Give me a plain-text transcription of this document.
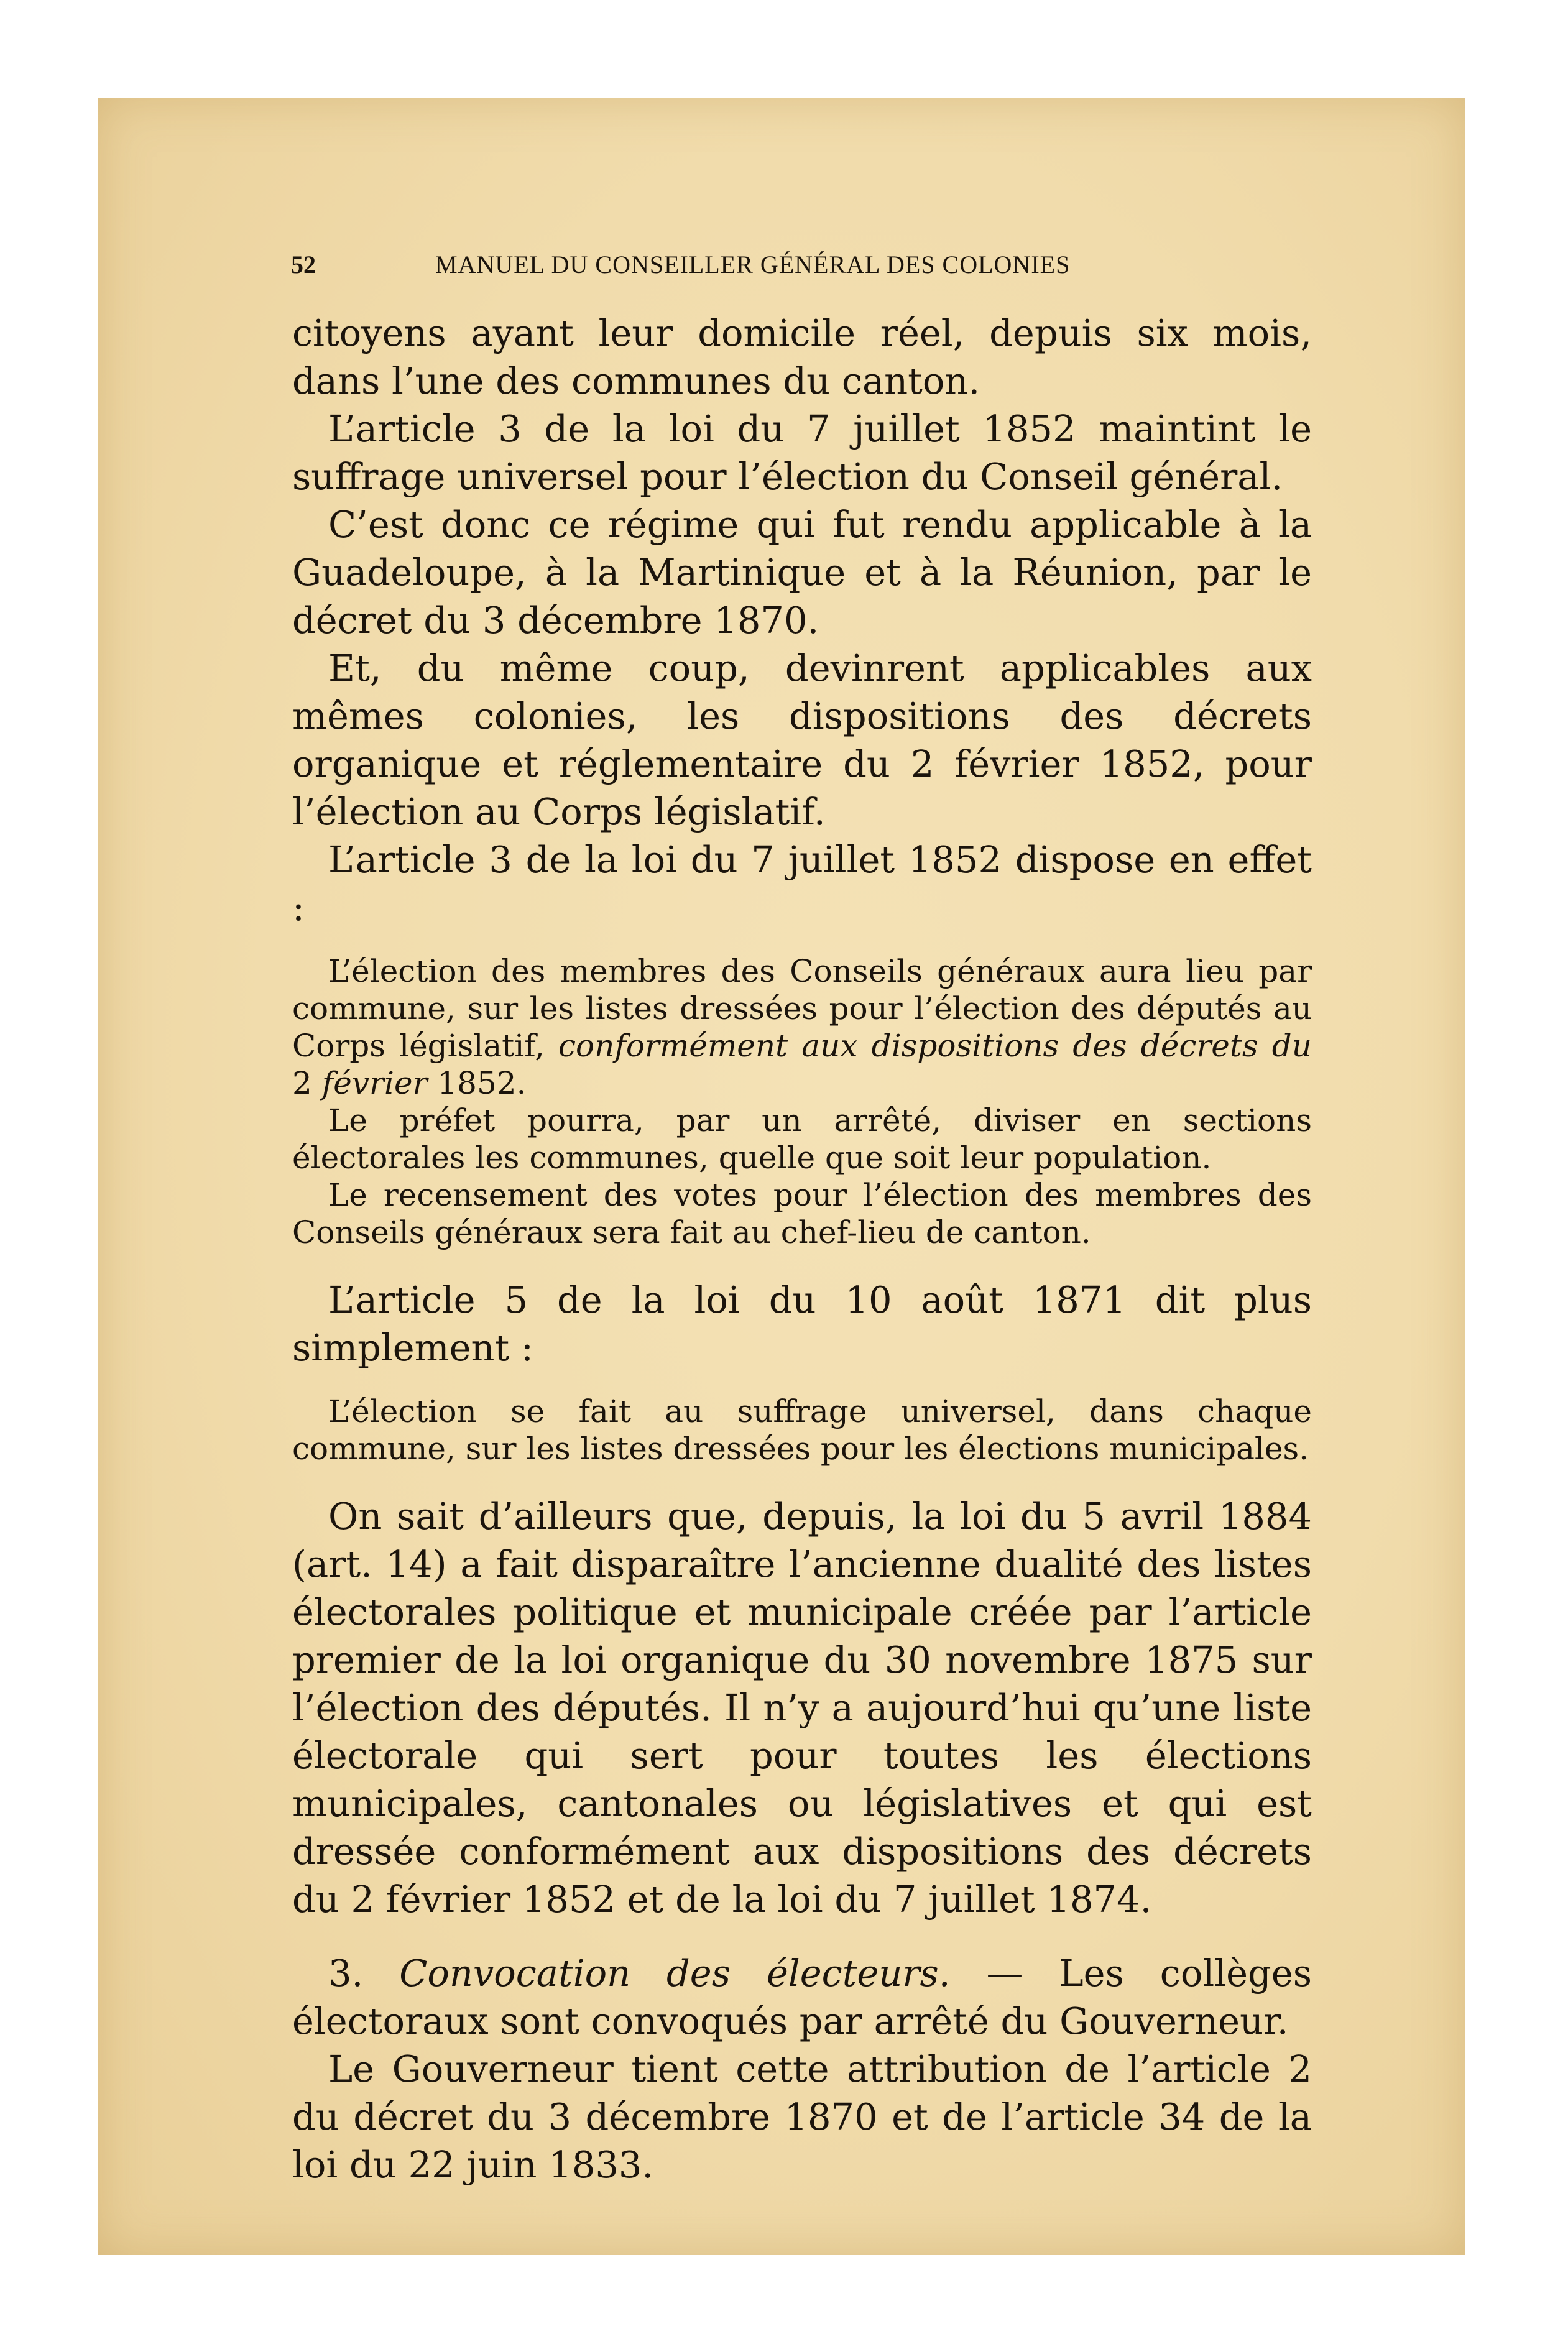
52	MANUEL DU CONSEILLER GÉNÉRAL DES COLONIES

citoyens ayant leur domicile réel, depuis six mois, dans l’une des communes du canton.

L’article 3 de la loi du 7 juillet 1852 maintint le suffrage universel pour l’élection du Conseil général.

C’est donc ce régime qui fut rendu applicable à la Guadeloupe, à la Martinique et à la Réunion, par le décret du 3 décembre 1870.

Et, du même coup, devinrent applicables aux mêmes colonies, les dispositions des décrets organique et réglementaire du 2 février 1852, pour l’élection au Corps législatif.

L’article 3 de la loi du 7 juillet 1852 dispose en effet :

L’élection des membres des Conseils généraux aura lieu par commune, sur les listes dressées pour l’élection des députés au Corps législatif, conformément aux dispositions des décrets du 2 février 1852.

Le préfet pourra, par un arrêté, diviser en sections électorales les communes, quelle que soit leur population.

Le recensement des votes pour l’élection des membres des Conseils généraux sera fait au chef-lieu de canton.

L’article 5 de la loi du 10 août 1871 dit plus simplement :

L’élection se fait au suffrage universel, dans chaque commune, sur les listes dressées pour les élections municipales.

On sait d’ailleurs que, depuis, la loi du 5 avril 1884 (art. 14) a fait disparaître l’ancienne dualité des listes électorales politique et municipale créée par l’article premier de la loi organique du 30 novembre 1875 sur l’élection des députés. Il n’y a aujourd’hui qu’une liste électorale qui sert pour toutes les élections municipales, cantonales ou législatives et qui est dressée conformément aux dispositions des décrets du 2 février 1852 et de la loi du 7 juillet 1874.

3. Convocation des électeurs. — Les collèges électoraux sont convoqués par arrêté du Gouverneur.

Le Gouverneur tient cette attribution de l’article 2 du décret du 3 décembre 1870 et de l’article 34 de la loi du 22 juin 1833.
